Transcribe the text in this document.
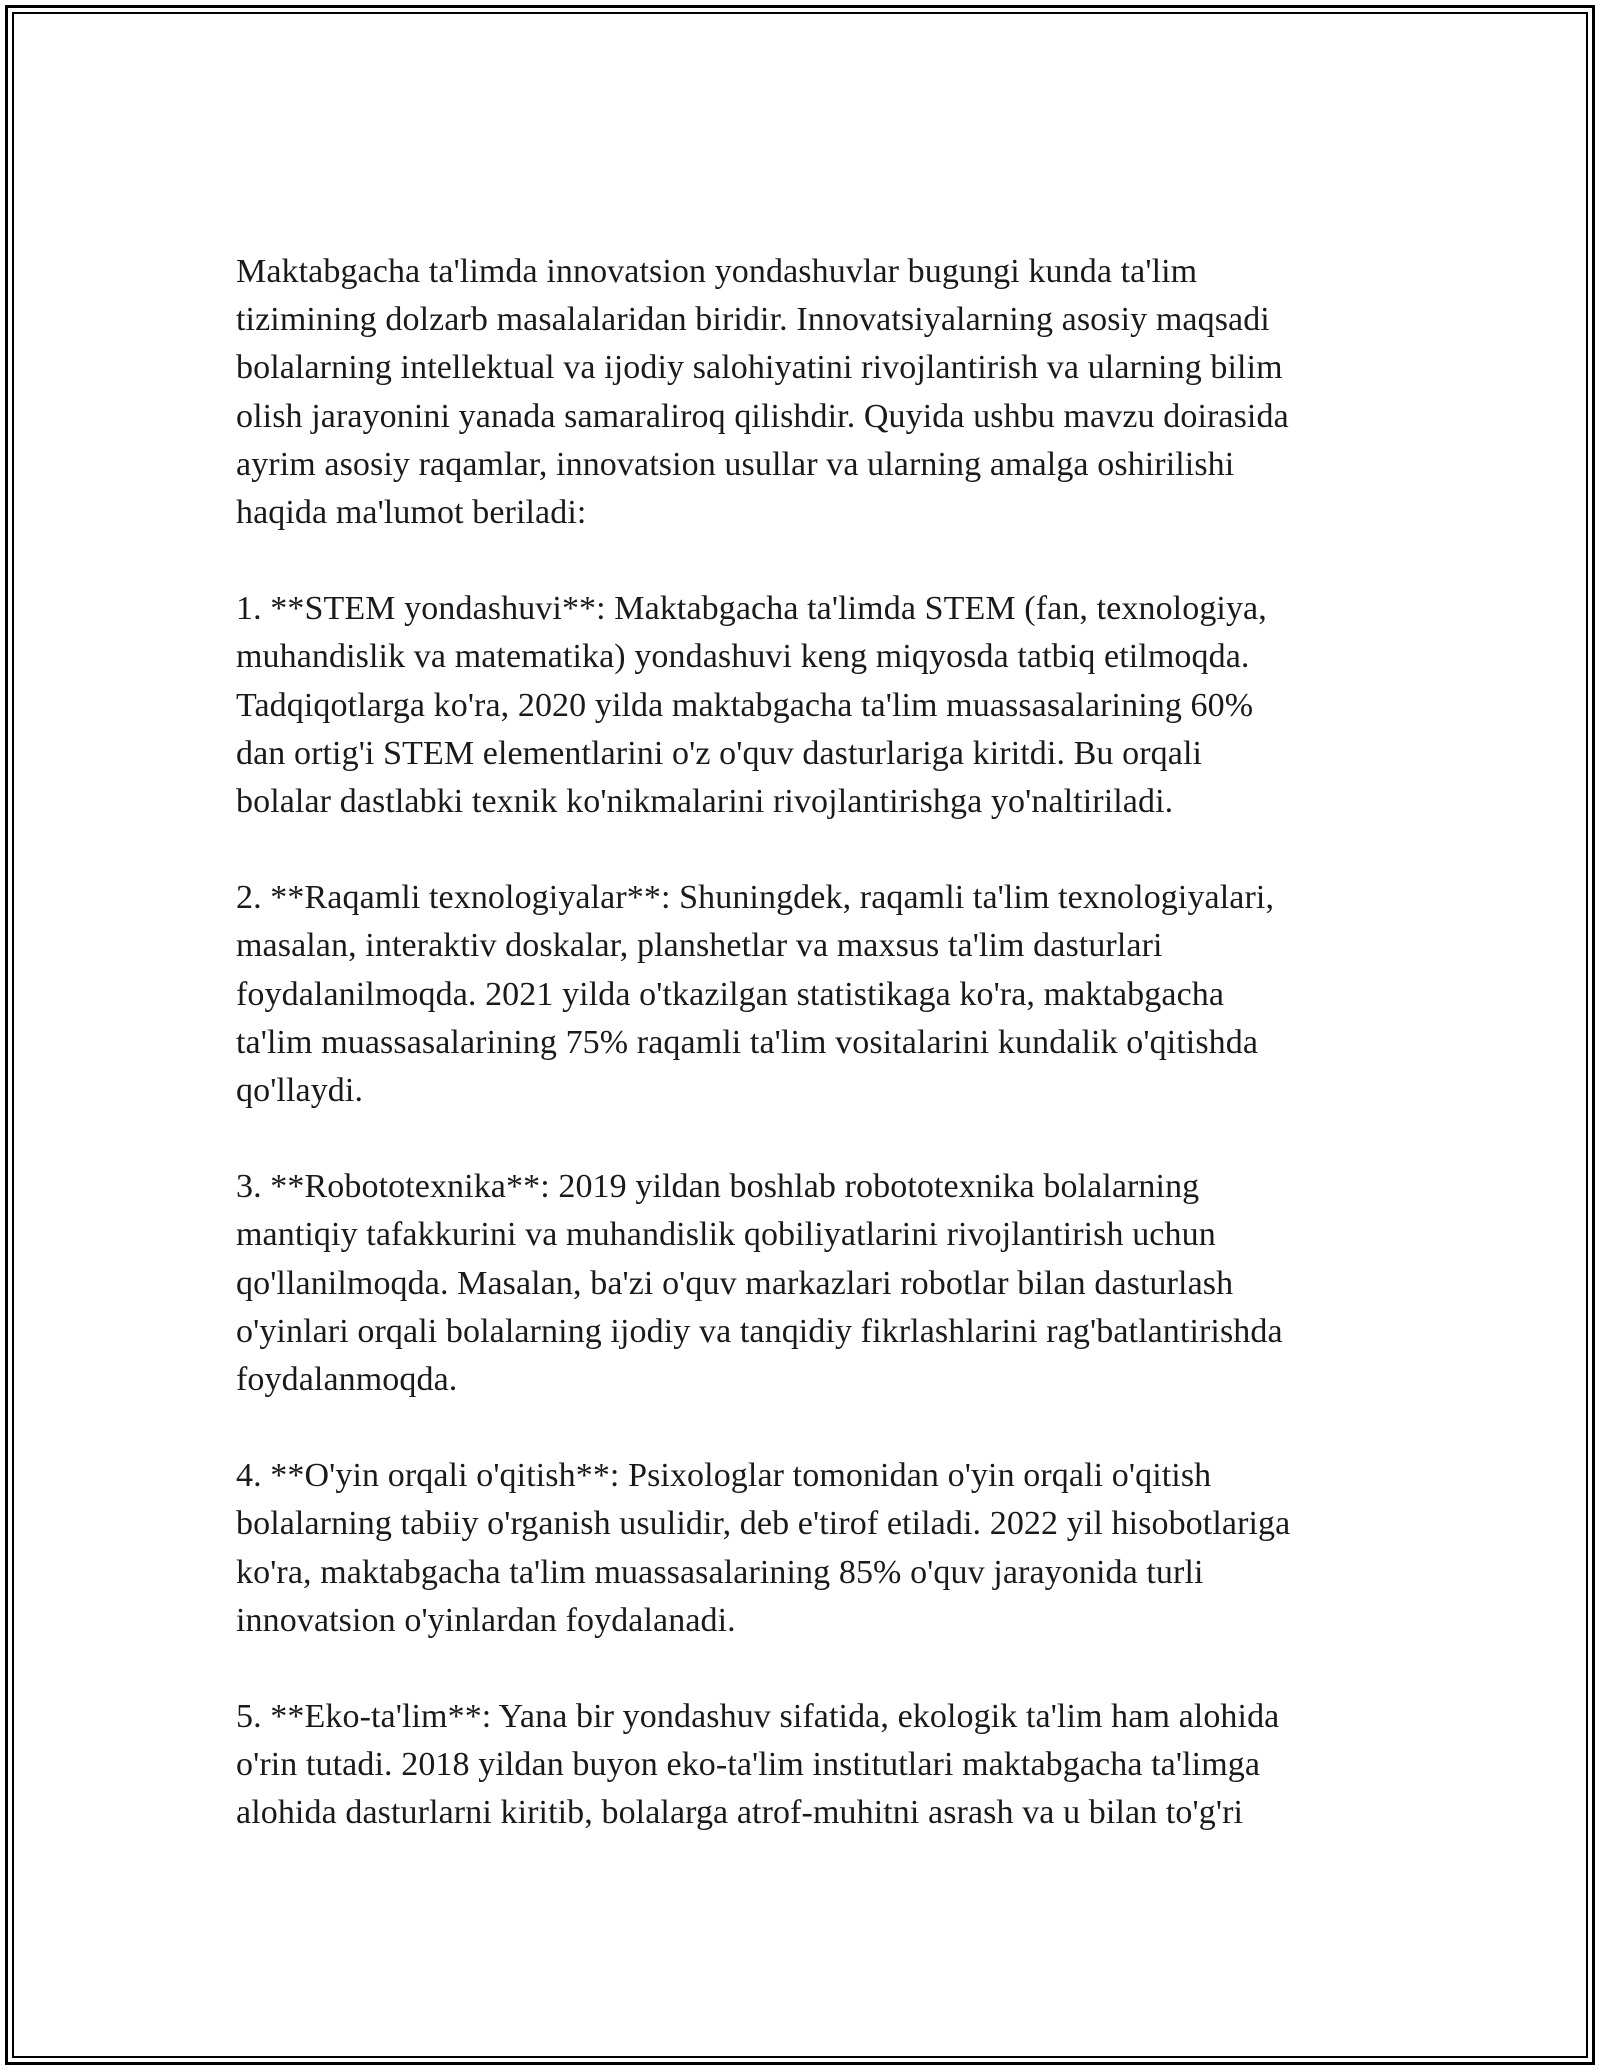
Maktabgacha ta'limda innovatsion yondashuvlar bugungi kunda ta'lim
tizimining dolzarb masalalaridan biridir. Innovatsiyalarning asosiy maqsadi
bolalarning intellektual va ijodiy salohiyatini rivojlantirish va ularning bilim
olish jarayonini yanada samaraliroq qilishdir. Quyida ushbu mavzu doirasida
ayrim asosiy raqamlar, innovatsion usullar va ularning amalga oshirilishi
haqida ma'lumot beriladi:
1. **STEM yondashuvi**: Maktabgacha ta'limda STEM (fan, texnologiya,
muhandislik va matematika) yondashuvi keng miqyosda tatbiq etilmoqda.
Tadqiqotlarga ko'ra, 2020 yilda maktabgacha ta'lim muassasalarining 60%
dan ortig'i STEM elementlarini o'z o'quv dasturlariga kiritdi. Bu orqali
bolalar dastlabki texnik ko'nikmalarini rivojlantirishga yo'naltiriladi.
2. **Raqamli texnologiyalar**: Shuningdek, raqamli ta'lim texnologiyalari,
masalan, interaktiv doskalar, planshetlar va maxsus ta'lim dasturlari
foydalanilmoqda. 2021 yilda o'tkazilgan statistikaga ko'ra, maktabgacha
ta'lim muassasalarining 75% raqamli ta'lim vositalarini kundalik o'qitishda
qo'llaydi.
3. **Robototexnika**: 2019 yildan boshlab robototexnika bolalarning
mantiqiy tafakkurini va muhandislik qobiliyatlarini rivojlantirish uchun
qo'llanilmoqda. Masalan, ba'zi o'quv markazlari robotlar bilan dasturlash
o'yinlari orqali bolalarning ijodiy va tanqidiy fikrlashlarini rag'batlantirishda
foydalanmoqda.
4. **O'yin orqali o'qitish**: Psixologlar tomonidan o'yin orqali o'qitish
bolalarning tabiiy o'rganish usulidir, deb e'tirof etiladi. 2022 yil hisobotlariga
ko'ra, maktabgacha ta'lim muassasalarining 85% o'quv jarayonida turli
innovatsion o'yinlardan foydalanadi.
5. **Eko-ta'lim**: Yana bir yondashuv sifatida, ekologik ta'lim ham alohida
o'rin tutadi. 2018 yildan buyon eko-ta'lim institutlari maktabgacha ta'limga
alohida dasturlarni kiritib, bolalarga atrof-muhitni asrash va u bilan to'g'ri
